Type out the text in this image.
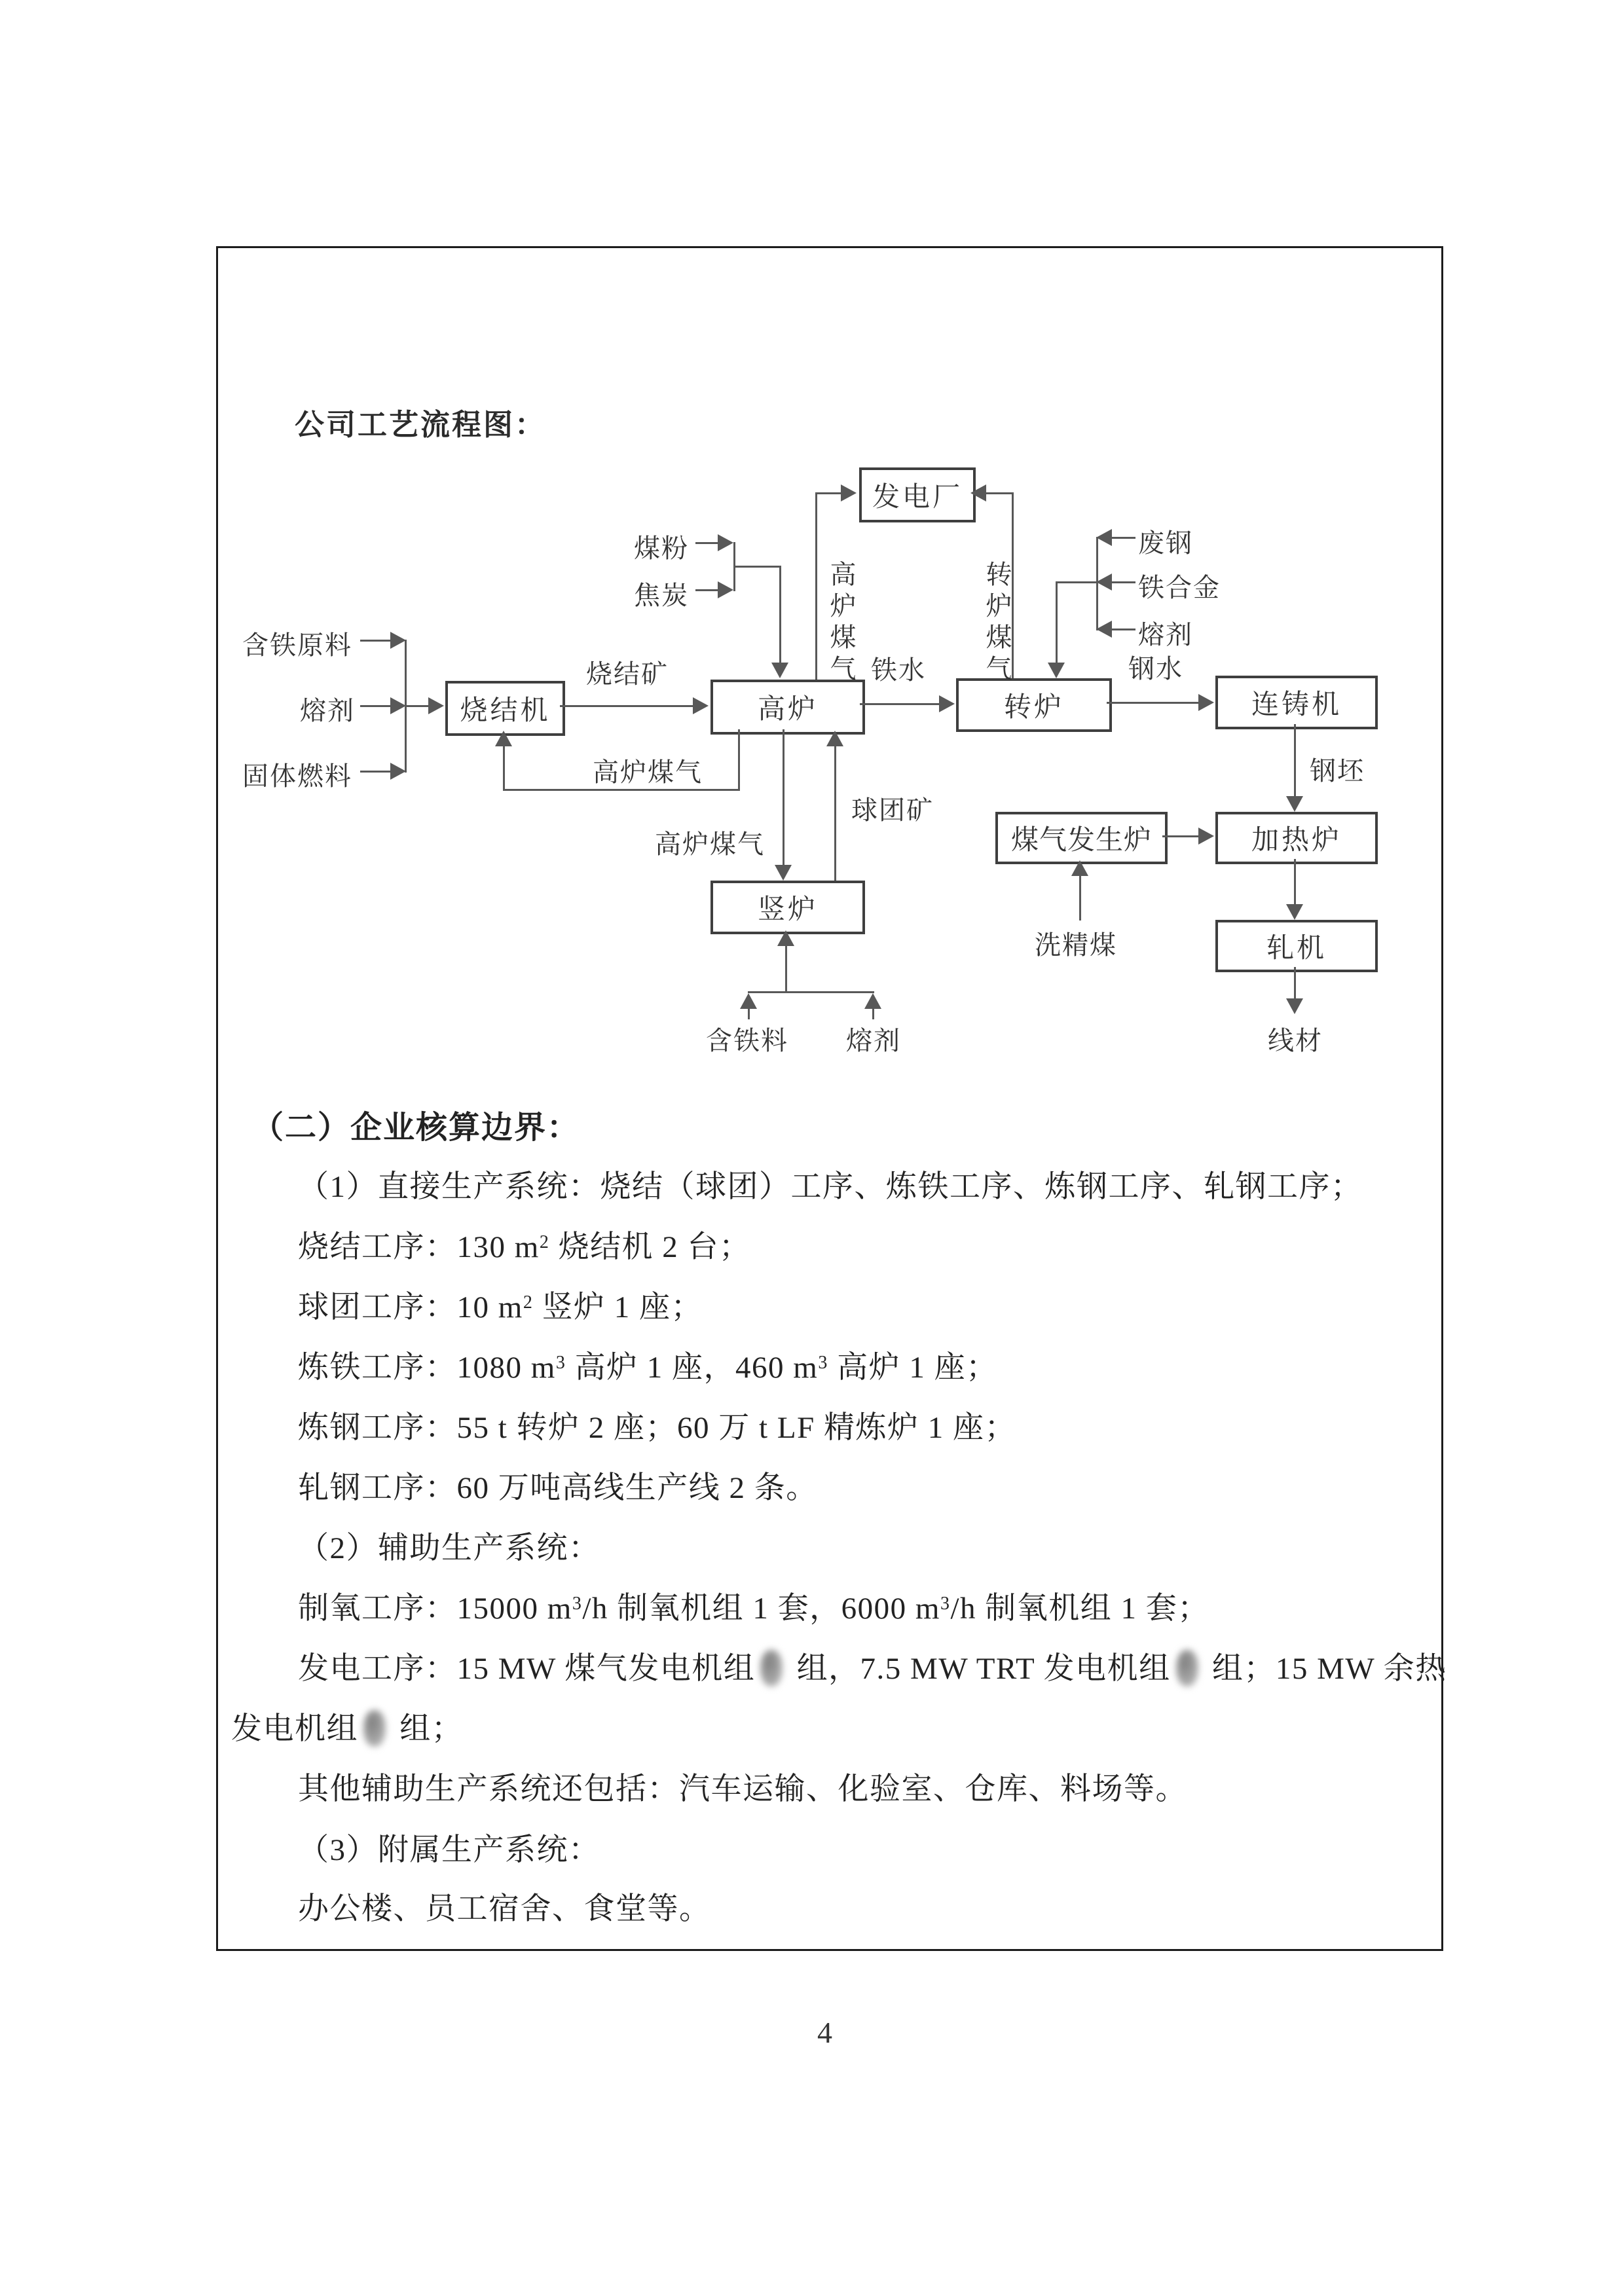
公司工艺流程图：
发电厂
烧结机	高炉	转炉	连铸机
竖炉
煤气发生炉	加热炉
轧机
含铁原料
熔剂
固体燃料
烧结矿	铁水	钢水
煤粉
焦炭	高炉煤气	转炉煤气
废钢
铁合金
熔剂
高炉煤气
高炉煤气
球团矿
含铁料 熔剂
洗精煤
钢坯
线材
（二）企业核算边界：
（1）直接生产系统：烧结（球团）工序、炼铁工序、炼钢工序、轧钢工序；
烧结工序：130 $m^2$ 烧结机 2 台；
球团工序：10 $m^2$ 竖炉 1 座；
炼铁工序：1080 $m^3$ 高炉 1 座，460 $m^3$ 高炉 1 座；
炼钢工序：55 t 转炉 2 座；60 万 t LF 精炼炉 1 座；
轧钢工序：60 万吨高线生产线 2 条。
（2）辅助生产系统：
制氧工序：15000 $m^3/h$ 制氧机组 1 套，6000 $m^3/h$ 制氧机组 1 套；
发电工序：15 MW 煤气发电机组 组，7.5 MW TRT 发电机组 组；15 MW 余热
发电机组 组；
其他辅助生产系统还包括：汽车运输、化验室、仓库、料场等。
（3）附属生产系统：
办公楼、员工宿舍、食堂等。
4
